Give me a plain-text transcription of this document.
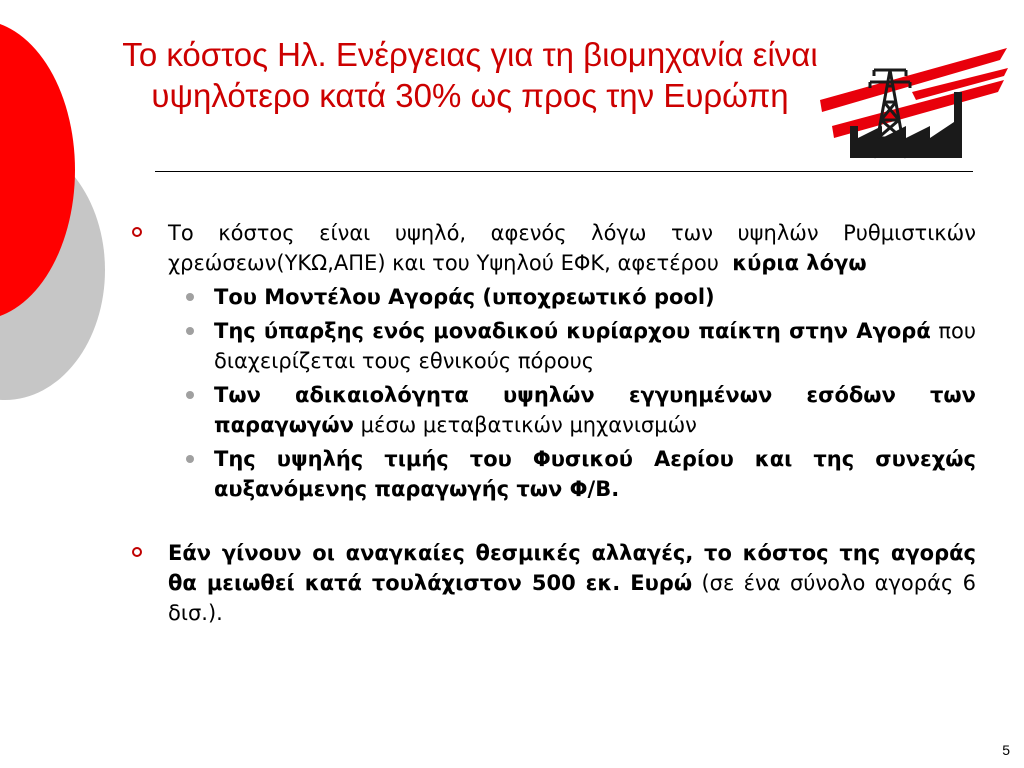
Το κόστος Ηλ. Ενέργειας για τη βιομηχανία είναι υψηλότερο κατά 30% ως προς την Ευρώπη
Το κόστος είναι υψηλό, αφενός λόγω των υψηλών Ρυθμιστικών χρεώσεων(ΥΚΩ,ΑΠΕ) και του Υψηλού ΕΦΚ, αφετέρου κύρια λόγω
Του Μοντέλου Αγοράς (υποχρεωτικό pool)
Της ύπαρξης ενός μοναδικού κυρίαρχου παίκτη στην Αγορά που διαχειρίζεται τους εθνικούς πόρους
Των αδικαιολόγητα υψηλών εγγυημένων εσόδων των παραγωγών μέσω μεταβατικών μηχανισμών
Της υψηλής τιμής του Φυσικού Αερίου και της συνεχώς αυξανόμενης παραγωγής των Φ/Β.
Εάν γίνουν οι αναγκαίες θεσμικές αλλαγές, το κόστος της αγοράς θα μειωθεί κατά τουλάχιστον 500 εκ. Ευρώ (σε ένα σύνολο αγοράς 6 δισ.).
5
